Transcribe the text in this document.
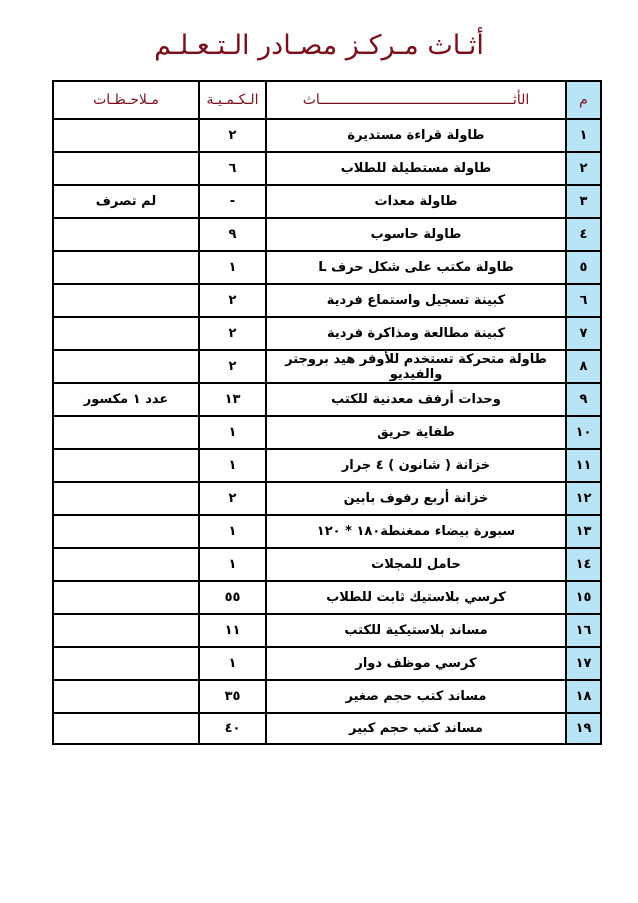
أثـاث مـركـز مصـادر الـتـعـلـم
م	الأثـــــــــــــــــــــــــــــــــــــــــــــــاث	الـكـمـيـة	مـلاحـظـات
١	طاولة قراءة مستديرة	٢	
٢	طاولة مستطيلة للطلاب	٦	
٣	طاولة معدات	-	لم تصرف
٤	طاولة حاسوب	٩	
٥	طاولة مكتب على شكل حرف L	١	
٦	كبينة تسجيل واستماع فردية	٢	
٧	كبينة مطالعة ومذاكرة فردية	٢	
٨	طاولة متحركة تستخدم للأوفر هيد بروجتر والفيديو	٢	
٩	وحدات أرفف معدنية للكتب	١٣	عدد ١ مكسور
١٠	طفاية حريق	١	
١١	خزانة ( شانون ) ٤ جرار	١	
١٢	خزانة أربع رفوف بابين	٢	
١٣	سبورة بيضاء ممغنطة١٨٠ * ١٢٠	١	
١٤	حامل للمجلات	١	
١٥	كرسي بلاستيك ثابت للطلاب	٥٥	
١٦	مساند بلاستيكية للكتب	١١	
١٧	كرسي موظف دوار	١	
١٨	مساند كتب حجم صغير	٣٥	
١٩	مساند كتب حجم كبير	٤٠	
